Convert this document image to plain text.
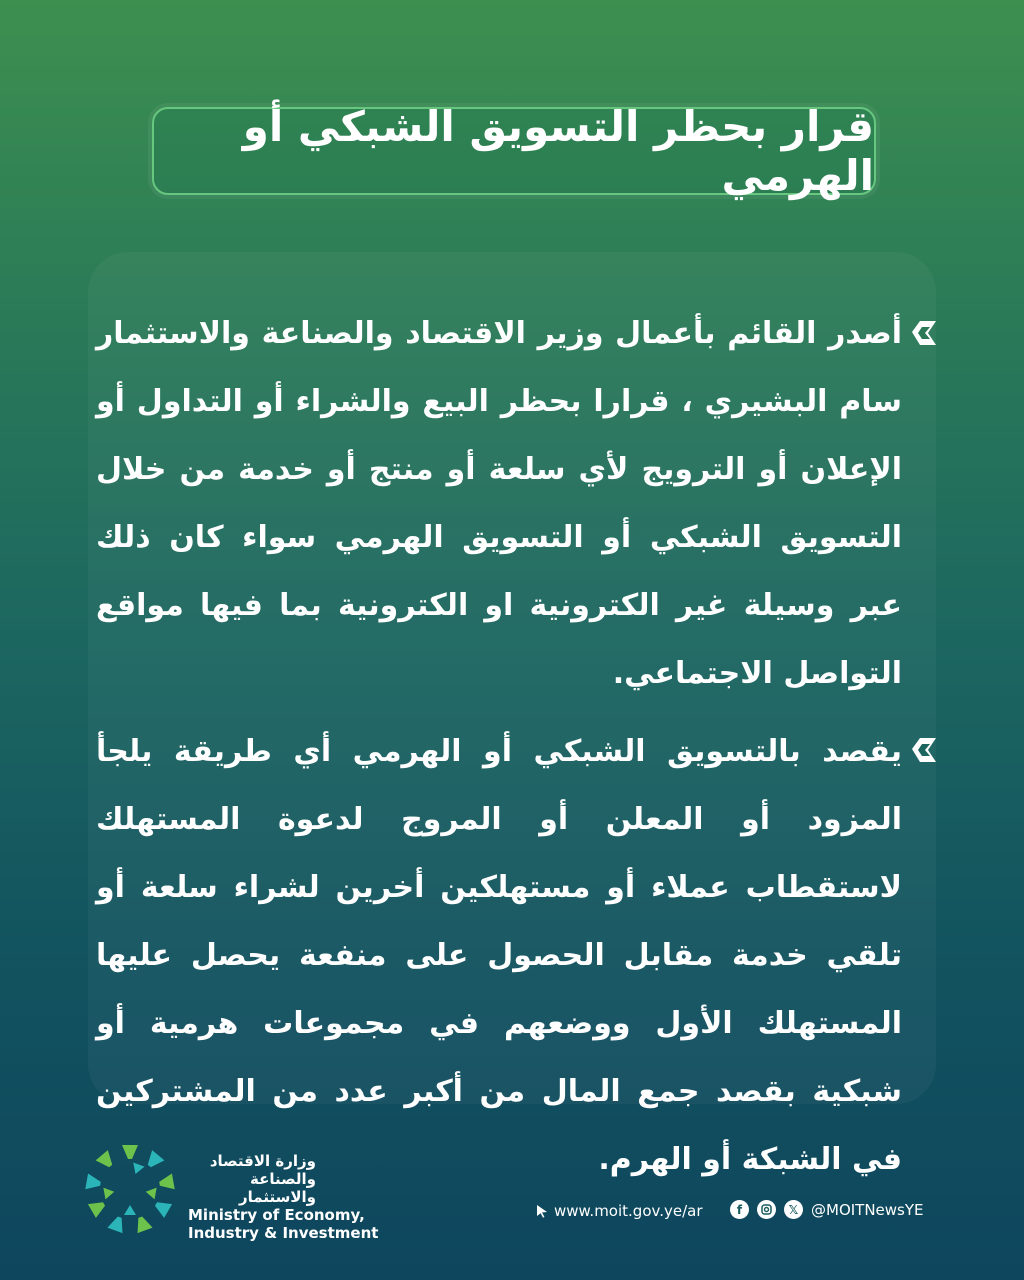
قرار بحظر التسويق الشبكي أو الهرمي
أصدر القائم بأعمال وزير الاقتصاد والصناعة والاستثمار سام البشيري ، قرارا بحظر البيع والشراء أو التداول أو الإعلان أو الترويج لأي سلعة أو منتج أو خدمة من خلال التسويق الشبكي أو التسويق الهرمي سواء كان ذلك عبر وسيلة غير الكترونية او الكترونية بما فيها مواقع التواصل الاجتماعي.
يقصد بالتسويق الشبكي أو الهرمي أي طريقة يلجأ المزود أو المعلن أو المروج لدعوة المستهلك لاستقطاب عملاء أو مستهلكين أخرين لشراء سلعة أو تلقي خدمة مقابل الحصول على منفعة يحصل عليها المستهلك الأول ووضعهم في مجموعات هرمية أو شبكية بقصد جمع المال من أكبر عدد من المشتركين في الشبكة أو الهرم.
وزارة الاقتصاد
والصناعة والاستثمار
Ministry of Economy,
Industry & Investment
www.moit.gov.ye/ar	f	𝕏 @MOITNewsYE
